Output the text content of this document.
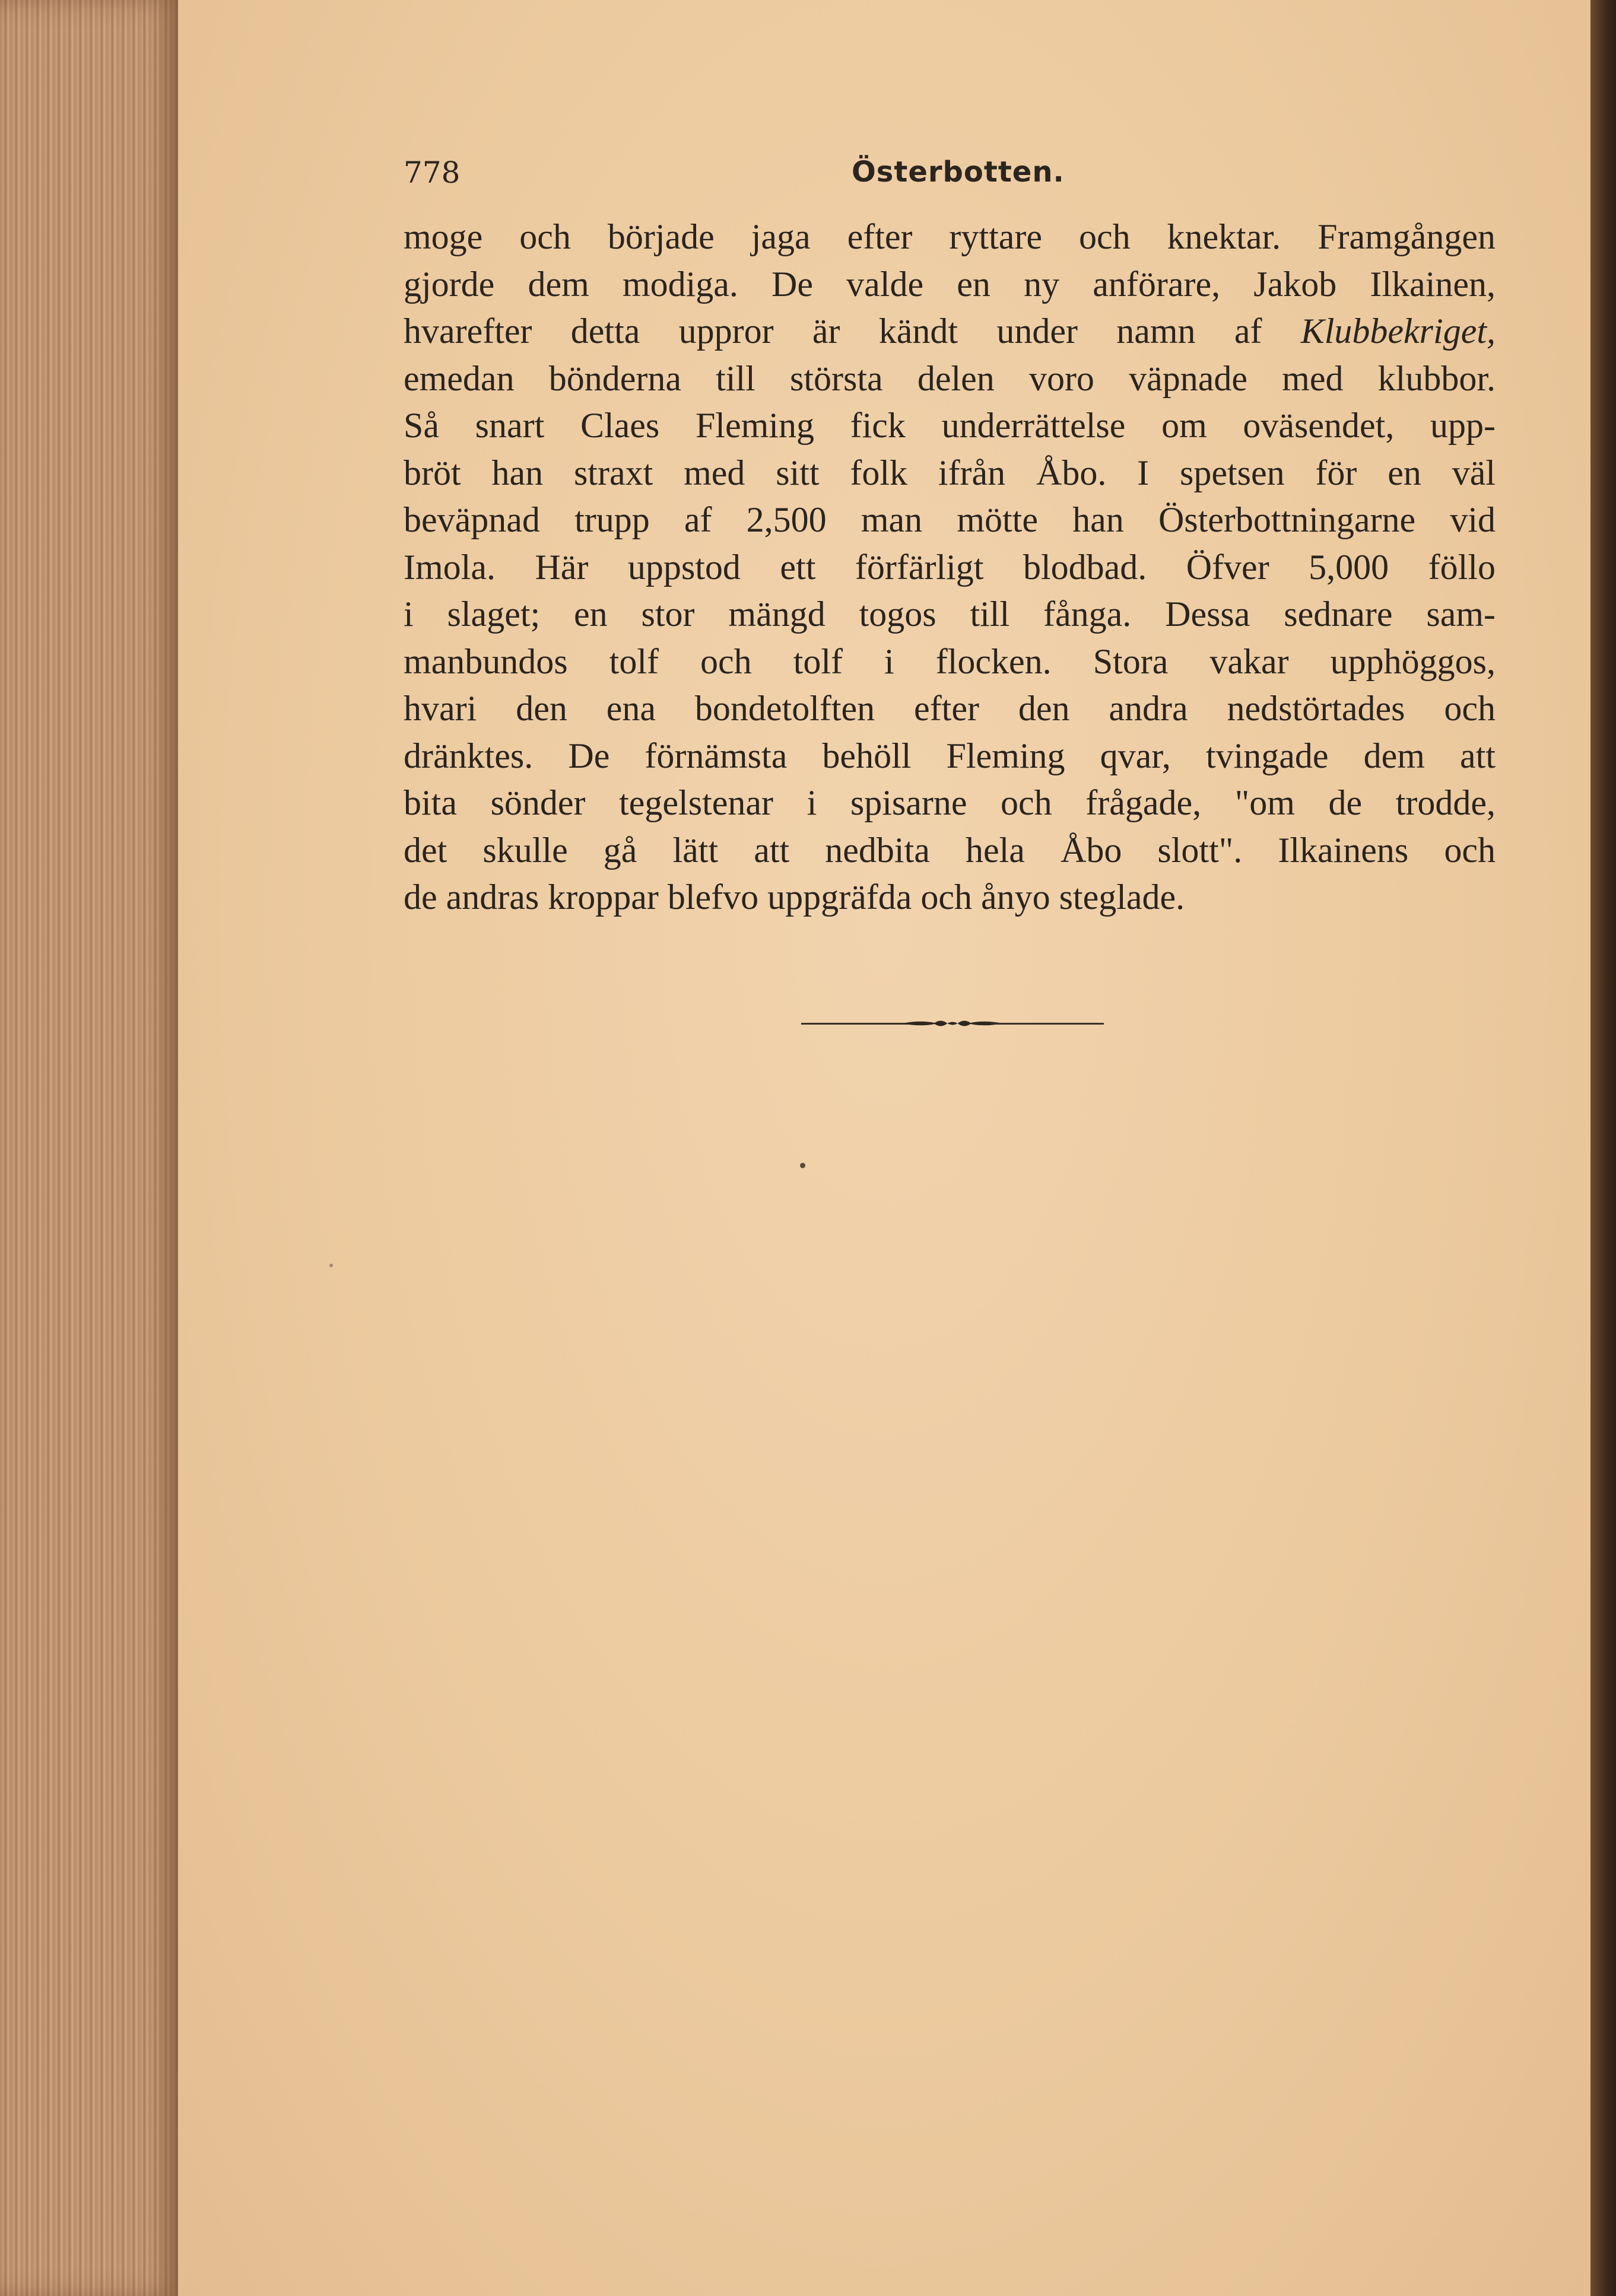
778	Österbotten.

moge och började jaga efter ryttare och knektar. Framgången
gjorde dem modiga. De valde en ny anförare, Jakob Ilkainen,
hvarefter detta uppror är kändt under namn af Klubbekriget,
emedan bönderna till största delen voro väpnade med klubbor.
Så snart Claes Fleming fick underrättelse om oväsendet, upp-
bröt han straxt med sitt folk ifrån Åbo. I spetsen för en väl
beväpnad trupp af 2,500 man mötte han Österbottningarne vid
Imola. Här uppstod ett förfärligt blodbad. Öfver 5,000 föllo
i slaget; en stor mängd togos till fånga. Dessa sednare sam-
manbundos tolf och tolf i flocken. Stora vakar upphöggos,
hvari den ena bondetolften efter den andra nedstörtades och
dränktes. De förnämsta behöll Fleming qvar, tvingade dem att
bita sönder tegelstenar i spisarne och frågade, "om de trodde,
det skulle gå lätt att nedbita hela Åbo slott". Ilkainens och
de andras kroppar blefvo uppgräfda och ånyo steglade.
